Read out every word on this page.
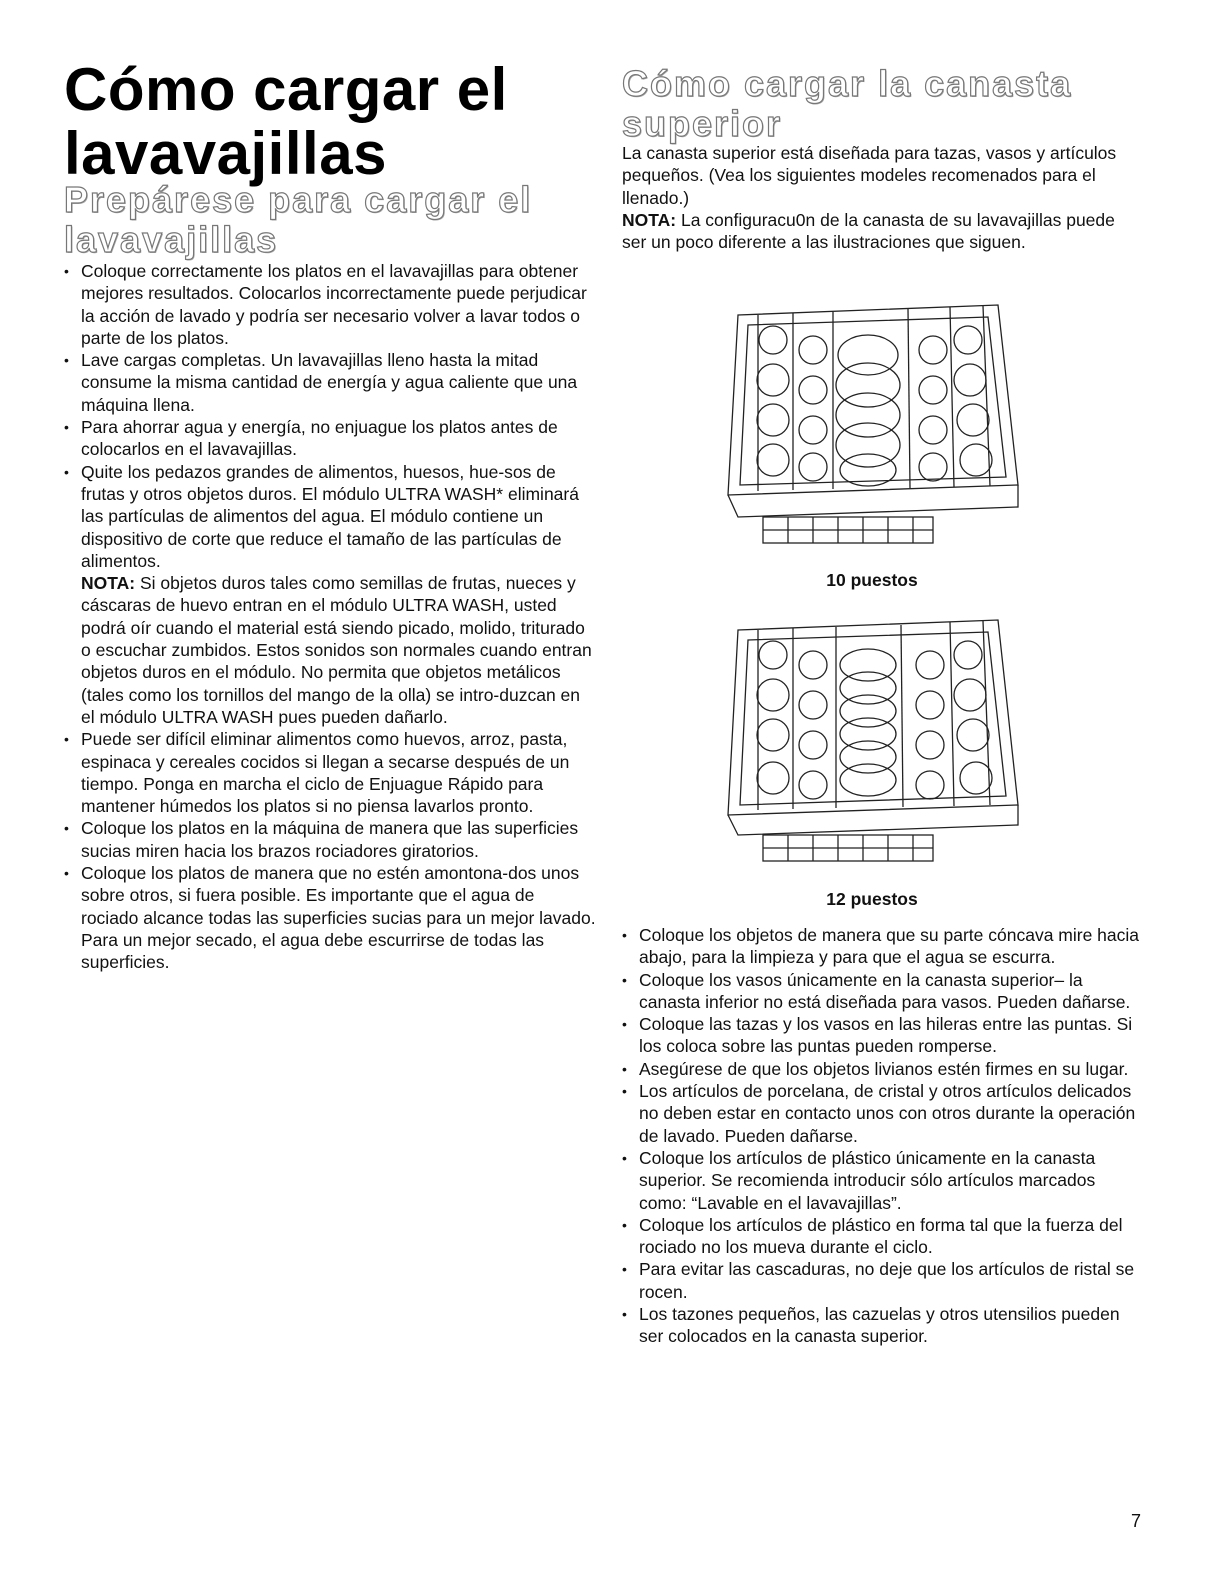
Cómo cargar el lavavajillas
Prepárese para cargar el lavavajillas
• Coloque correctamente los platos en el lavavajillas para obtener mejores resultados. Colocarlos incorrectamente puede perjudicar la acción de lavado y podría ser necesario volver a lavar todos o parte de los platos.
• Lave cargas completas. Un lavavajillas lleno hasta la mitad consume la misma cantidad de energía y agua caliente que una máquina llena.
• Para ahorrar agua y energía, no enjuague los platos antes de colocarlos en el lavavajillas.
• Quite los pedazos grandes de alimentos, huesos, hue-sos de frutas y otros objetos duros. El módulo ULTRA WASH* eliminará las partículas de alimentos del agua. El módulo contiene un dispositivo de corte que reduce el tamaño de las partículas de alimentos.
NOTA: Si objetos duros tales como semillas de frutas, nueces y cáscaras de huevo entran en el módulo ULTRA WASH, usted podrá oír cuando el material está siendo picado, molido, triturado o escuchar zumbidos. Estos sonidos son normales cuando entran objetos duros en el módulo. No permita que objetos metálicos (tales como los tornillos del mango de la olla) se intro-duzcan en el módulo ULTRA WASH pues pueden dañarlo.
• Puede ser difícil eliminar alimentos como huevos, arroz, pasta, espinaca y cereales cocidos si llegan a secarse después de un tiempo. Ponga en marcha el ciclo de Enjuague Rápido para mantener húmedos los platos si no piensa lavarlos pronto.
• Coloque los platos en la máquina de manera que las superficies sucias miren hacia los brazos rociadores giratorios.
• Coloque los platos de manera que no estén amontona-dos unos sobre otros, si fuera posible. Es importante que el agua de rociado alcance todas las superficies sucias para un mejor lavado. Para un mejor secado, el agua debe escurrirse de todas las superficies.
Cómo cargar la canasta superior

La canasta superior está diseñada para tazas, vasos y artículos pequeños. (Vea los siguientes modeles recomenados para el llenado.)

NOTA: La configuracu0n de la canasta de su lavavajillas puede ser un poco diferente a las ilustraciones que siguen.

10 puestos
12 puestos
• Coloque los objetos de manera que su parte cóncava mire hacia abajo, para la limpieza y para que el agua se escurra.
• Coloque los vasos únicamente en la canasta superior– la canasta inferior no está diseñada para vasos. Pueden dañarse.
• Coloque las tazas y los vasos en las hileras entre las puntas. Si los coloca sobre las puntas pueden romperse.
• Asegúrese de que los objetos livianos estén firmes en su lugar.
• Los artículos de porcelana, de cristal y otros artículos delicados no deben estar en contacto unos con otros durante la operación de lavado. Pueden dañarse.
• Coloque los artículos de plástico únicamente en la canasta superior. Se recomienda introducir sólo artículos marcados como: “Lavable en el lavavajillas”.
• Coloque los artículos de plástico en forma tal que la fuerza del rociado no los mueva durante el ciclo.
• Para evitar las cascaduras, no deje que los artículos de ristal se rocen.
• Los tazones pequeños, las cazuelas y otros utensilios pueden ser colocados en la canasta superior.
7
